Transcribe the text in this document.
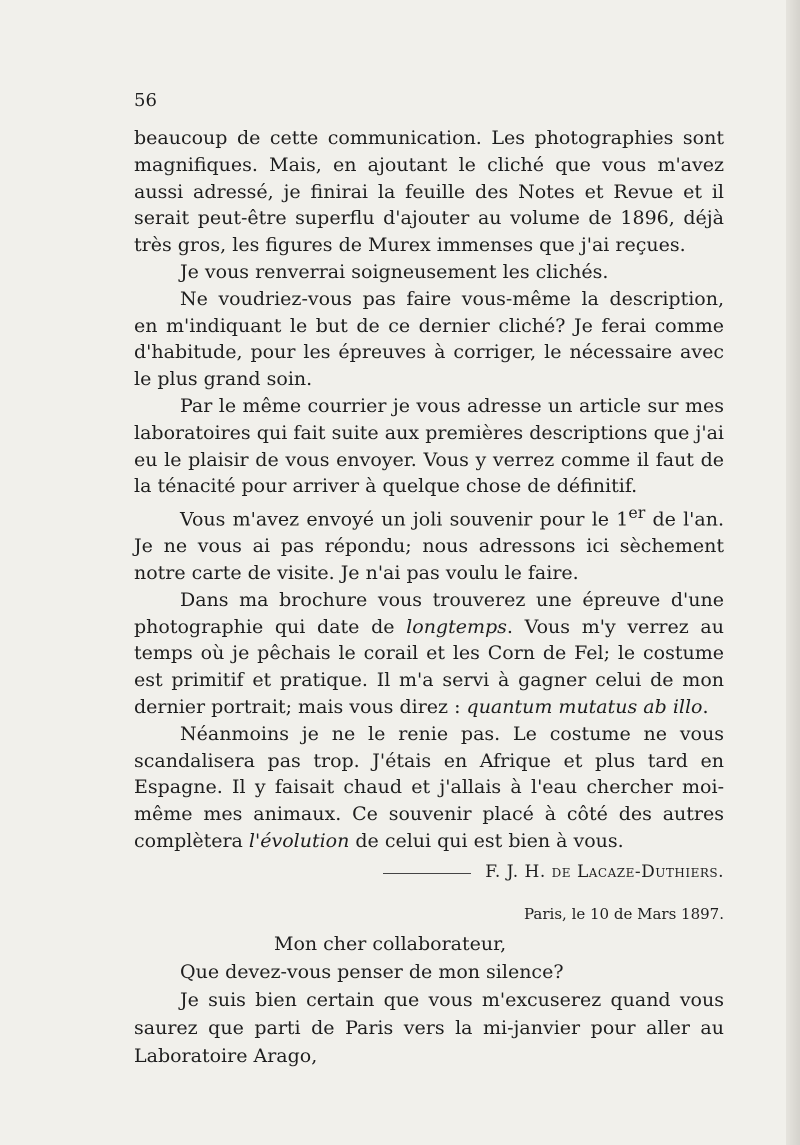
56

beaucoup de cette communication. Les photographies sont magnifiques. Mais, en ajoutant le cliché que vous m'avez aussi adressé, je finirai la feuille des Notes et Revue et il serait peut-être superflu d'ajouter au volume de 1896, déjà très gros, les figures de Murex immenses que j'ai reçues.

Je vous renverrai soigneusement les clichés.

Ne voudriez-vous pas faire vous-même la description, en m'indiquant le but de ce dernier cliché? Je ferai comme d'habitude, pour les épreuves à corriger, le nécessaire avec le plus grand soin.

Par le même courrier je vous adresse un article sur mes laboratoires qui fait suite aux premières descriptions que j'ai eu le plaisir de vous envoyer. Vous y verrez comme il faut de la ténacité pour arriver à quelque chose de définitif.

Vous m'avez envoyé un joli souvenir pour le 1er de l'an. Je ne vous ai pas répondu; nous adressons ici sèchement notre carte de visite. Je n'ai pas voulu le faire.

Dans ma brochure vous trouverez une épreuve d'une photographie qui date de longtemps. Vous m'y verrez au temps où je pêchais le corail et les Corn de Fel; le costume est primitif et pratique. Il m'a servi à gagner celui de mon dernier portrait; mais vous direz : quantum mutatus ab illo.

Néanmoins je ne le renie pas. Le costume ne vous scandalisera pas trop. J'étais en Afrique et plus tard en Espagne. Il y faisait chaud et j'allais à l'eau chercher moi-même mes animaux. Ce souvenir placé à côté des autres complètera l'évolution de celui qui est bien à vous.

F. J. H. de Lacaze-Duthiers.
Paris, le 10 de Mars 1897.
Mon cher collaborateur,

Que devez-vous penser de mon silence?

Je suis bien certain que vous m'excuserez quand vous saurez que parti de Paris vers la mi-janvier pour aller au Laboratoire Arago,
